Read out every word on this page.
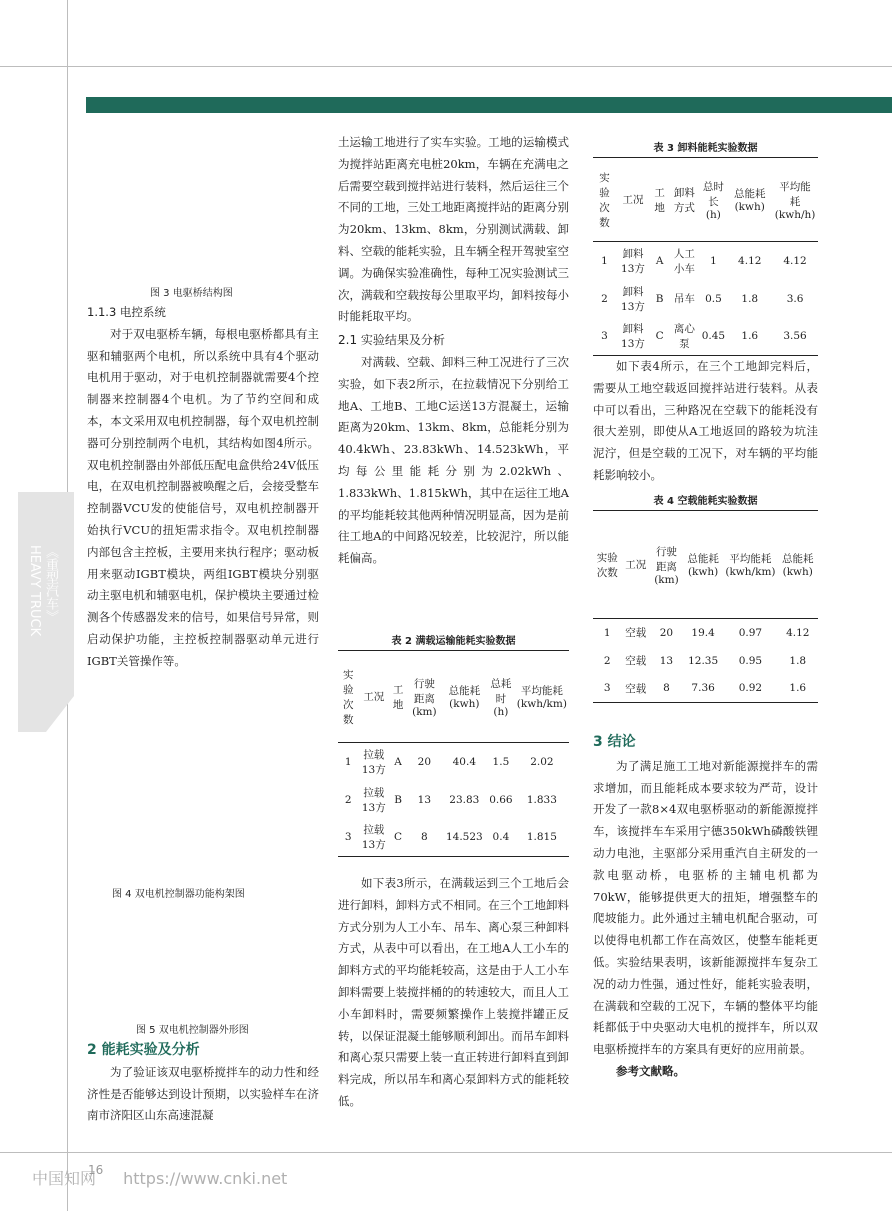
《重型汽车》
HEAVY TRUCK
图 3 电驱桥结构图

1.1.3 电控系统

对于双电驱桥车辆，每根电驱桥都具有主驱和辅驱两个电机，所以系统中具有4个驱动电机用于驱动，对于电机控制器就需要4个控制器来控制器4个电机。为了节约空间和成本，本文采用双电机控制器，每个双电机控制器可分别控制两个电机，其结构如图4所示。双电机控制器由外部低压配电盒供给24V低压电，在双电机控制器被唤醒之后，会接受整车控制器VCU发的使能信号，双电机控制器开始执行VCU的扭矩需求指令。双电机控制器内部包含主控板，主要用来执行程序；驱动板用来驱动IGBT模块，两组IGBT模块分别驱动主驱电机和辅驱电机，保护模块主要通过检测各个传感器发来的信号，如果信号异常，则启动保护功能，主控板控制器驱动单元进行IGBT关管操作等。

图 4 双电机控制器功能构架图
图 5 双电机控制器外形图

2 能耗实验及分析

为了验证该双电驱桥搅拌车的动力性和经济性是否能够达到设计预期，以实验样车在济南市济阳区山东高速混凝

土运输工地进行了实车实验。工地的运输模式为搅拌站距离充电桩20km，车辆在充满电之后需要空载到搅拌站进行装料，然后运往三个不同的工地，三处工地距离搅拌站的距离分别为20km、13km、8km，分别测试满载、卸料、空载的能耗实验，且车辆全程开驾驶室空调。为确保实验准确性，每种工况实验测试三次，满载和空载按每公里取平均，卸料按每小时能耗取平均。

2.1 实验结果及分析

对满载、空载、卸料三种工况进行了三次实验，如下表2所示，在拉载情况下分别给工地A、工地B、工地C运送13方混凝土，运输距离为20km、13km、8km，总能耗分别为40.4kWh、23.83kWh、14.523kWh，平均每公里能耗分别为2.02kWh、1.833kWh、1.815kWh，其中在运往工地A的平均能耗较其他两种情况明显高，因为是前往工地A的中间路况较差，比较泥泞，所以能耗偏高。

表 2 满载运输能耗实验数据
实验次数	工况	工地	行驶距离(km)	总能耗(kwh)	总耗时(h)	平均能耗(kwh/km)
1	拉载13方	A	20	40.4	1.5	2.02
2	拉载13方	B	13	23.83	0.66	1.833
3	拉载13方	C	8	14.523	0.4	1.815

如下表3所示，在满载运到三个工地后会进行卸料，卸料方式不相同。在三个工地卸料方式分别为人工小车、吊车、离心泵三种卸料方式，从表中可以看出，在工地A人工小车的卸料方式的平均能耗较高，这是由于人工小车卸料需要上装搅拌桶的的转速较大，而且人工小车卸料时，需要频繁操作上装搅拌罐正反转，以保证混凝土能够顺利卸出。而吊车卸料和离心泵只需要上装一直正转进行卸料直到卸料完成，所以吊车和离心泵卸料方式的能耗较低。

表 3 卸料能耗实验数据
实验次数	工况	工地	卸料方式	总时长(h)	总能耗(kwh)	平均能耗(kwh/h)
1	卸料13方	A	人工小车	1	4.12	4.12
2	卸料13方	B	吊车	0.5	1.8	3.6
3	卸料13方	C	离心泵	0.45	1.6	3.56

如下表4所示，在三个工地卸完料后，需要从工地空载返回搅拌站进行装料。从表中可以看出，三种路况在空载下的能耗没有很大差别，即使从A工地返回的路较为坑洼泥泞，但是空载的工况下，对车辆的平均能耗影响较小。

表 4 空载能耗实验数据
实验次数	工况	行驶距离(km)	总能耗(kwh)	平均能耗(kwh/km)	总能耗(kwh)
1	空载	20	19.4	0.97	4.12
2	空载	13	12.35	0.95	1.8
3	空载	8	7.36	0.92	1.6

3 结论

为了满足施工工地对新能源搅拌车的需求增加，而且能耗成本要求较为严苛，设计开发了一款8×4双电驱桥驱动的新能源搅拌车，该搅拌车车采用宁德350kWh磷酸铁锂动力电池，主驱部分采用重汽自主研发的一款电驱动桥，电驱桥的主辅电机都为70kW，能够提供更大的扭矩，增强整车的爬坡能力。此外通过主辅电机配合驱动，可以使得电机都工作在高效区，使整车能耗更低。实验结果表明，该新能源搅拌车复杂工况的动力性强，通过性好，能耗实验表明，在满载和空载的工况下，车辆的整体平均能耗都低于中央驱动大电机的搅拌车，所以双电驱桥搅拌车的方案具有更好的应用前景。

参考文献略。

中国知网 https://www.cnki.net
16
